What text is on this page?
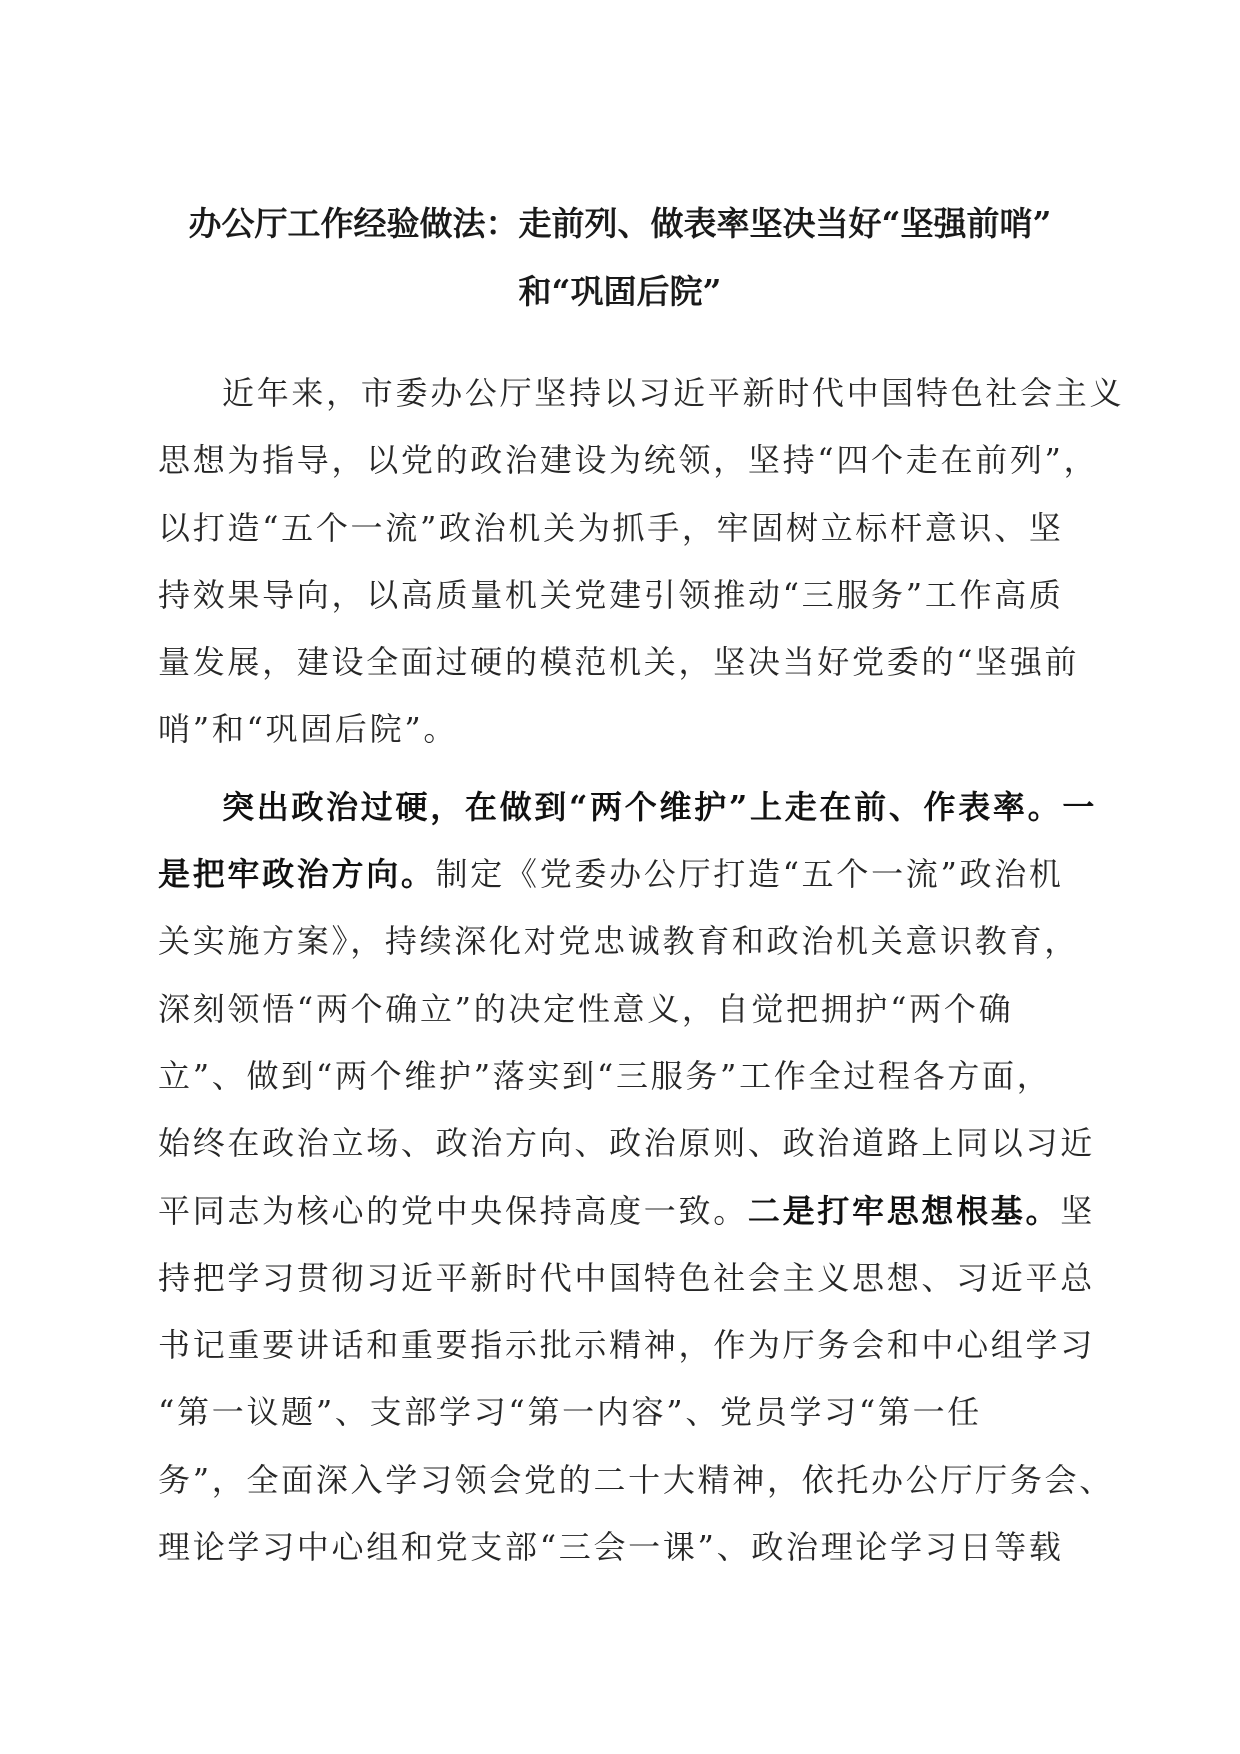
办公厅工作经验做法：走前列、做表率坚决当好“坚强前哨”
和“巩固后院”
近年来，市委办公厅坚持以习近平新时代中国特色社会主义
思想为指导，以党的政治建设为统领，坚持“四个走在前列”，
以打造“五个一流”政治机关为抓手，牢固树立标杆意识、坚
持效果导向，以高质量机关党建引领推动“三服务”工作高质
量发展，建设全面过硬的模范机关，坚决当好党委的“坚强前
哨”和“巩固后院”。
突出政治过硬，在做到“两个维护”上走在前、作表率。一
是把牢政治方向。制定《党委办公厅打造“五个一流”政治机
关实施方案》，持续深化对党忠诚教育和政治机关意识教育，
深刻领悟“两个确立”的决定性意义，自觉把拥护“两个确
立”、做到“两个维护”落实到“三服务”工作全过程各方面，
始终在政治立场、政治方向、政治原则、政治道路上同以习近
平同志为核心的党中央保持高度一致。二是打牢思想根基。坚
持把学习贯彻习近平新时代中国特色社会主义思想、习近平总
书记重要讲话和重要指示批示精神，作为厅务会和中心组学习
“第一议题”、支部学习“第一内容”、党员学习“第一任
务”，全面深入学习领会党的二十大精神，依托办公厅厅务会、
理论学习中心组和党支部“三会一课”、政治理论学习日等载
